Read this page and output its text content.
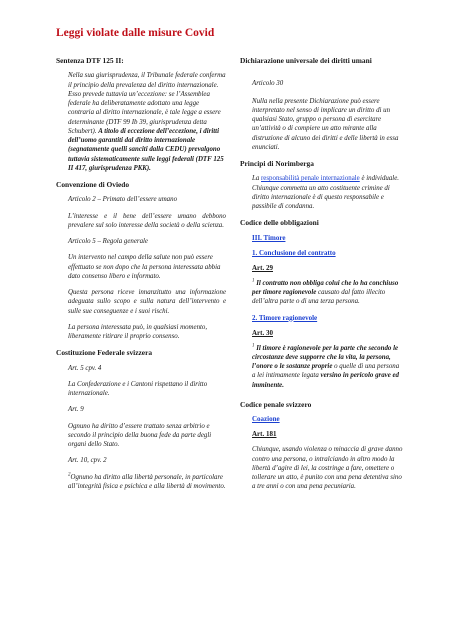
Leggi violate dalle misure Covid
Sentenza DTF 125 II:

Nella sua giurisprudenza, il Tribunale federale conferma il principio della prevalenza del diritto internazionale. Esso prevede tuttavia un’eccezione: se l’Assemblea federale ha deliberatamente adottato una legge contraria al diritto internazionale, è tale legge a essere determinante (DTF 99 Ib 39, giurisprudenza detta Schubert). A titolo di eccezione dell’eccezione, i diritti dell’uomo garantiti dal diritto internazionale (segnatamente quelli sanciti dalla CEDU) prevalgono tuttavia sistematicamente sulle leggi federali (DTF 125 II 417, giurisprudenza PKK).

Convenzione di Oviedo

Articolo 2 – Primato dell’essere umano

L’interesse e il bene dell’essere umano debbono prevalere sul solo interesse della società o della scienza.

Articolo 5 – Regola generale

Un intervento nel campo della salute non può essere effettuato se non dopo che la persona interessata abbia dato consenso libero e informato.

Questa persona riceve innanzitutto una informazione adeguata sullo scopo e sulla natura dell’intervento e sulle sue conseguenze e i suoi rischi.

La persona interessata può, in qualsiasi momento, liberamente ritirare il proprio consenso.

Costituzione Federale svizzera

Art. 5 cpv. 4

La Confederazione e i Cantoni rispettano il diritto internazionale.

Art. 9

Ognuno ha diritto d’essere trattato senza arbitrio e secondo il principio della buona fede da parte degli organi dello Stato.

Art. 10, cpv. 2

$^2$Ognuno ha diritto alla libertà personale, in particolare all’integrità fisica e psichica e alla libertà di movimento.

Dichiarazione universale dei diritti umani

Articolo 30

Nulla nella presente Dichiarazione può essere interpretato nel senso di implicare un diritto di un qualsiasi Stato, gruppo o persona di esercitare un’attività o di compiere un atto mirante alla distruzione di alcuno dei diritti e delle libertà in essa enunciati.

Principi di Norimberga

La responsabilità penale internazionale è individuale. Chiunque commetta un atto costituente crimine di diritto internazionale è di questo responsabile e passibile di condanna.

Codice delle obbligazioni

III. Timore

1. Conclusione del contratto

Art. 29

$^1$ Il contratto non obbliga colui che lo ha conchiuso per timore ragionevole causato dal fatto illecito dell’altra parte o di una terza persona.

2. Timore ragionevole

Art. 30

$^1$ Il timore è ragionevole per la parte che secondo le circostanze deve supporre che la vita, la persona, l’onore o le sostanze proprie o quelle di una persona a lei intimamente legata versino in pericolo grave ed imminente.

Codice penale svizzero

Coazione

Art. 181

Chiunque, usando violenza o minaccia di grave danno contro una persona, o intralciando in altro modo la libertà d’agire di lei, la costringe a fare, omettere o tollerare un atto, è punito con una pena detentiva sino a tre anni o con una pena pecuniaria.
